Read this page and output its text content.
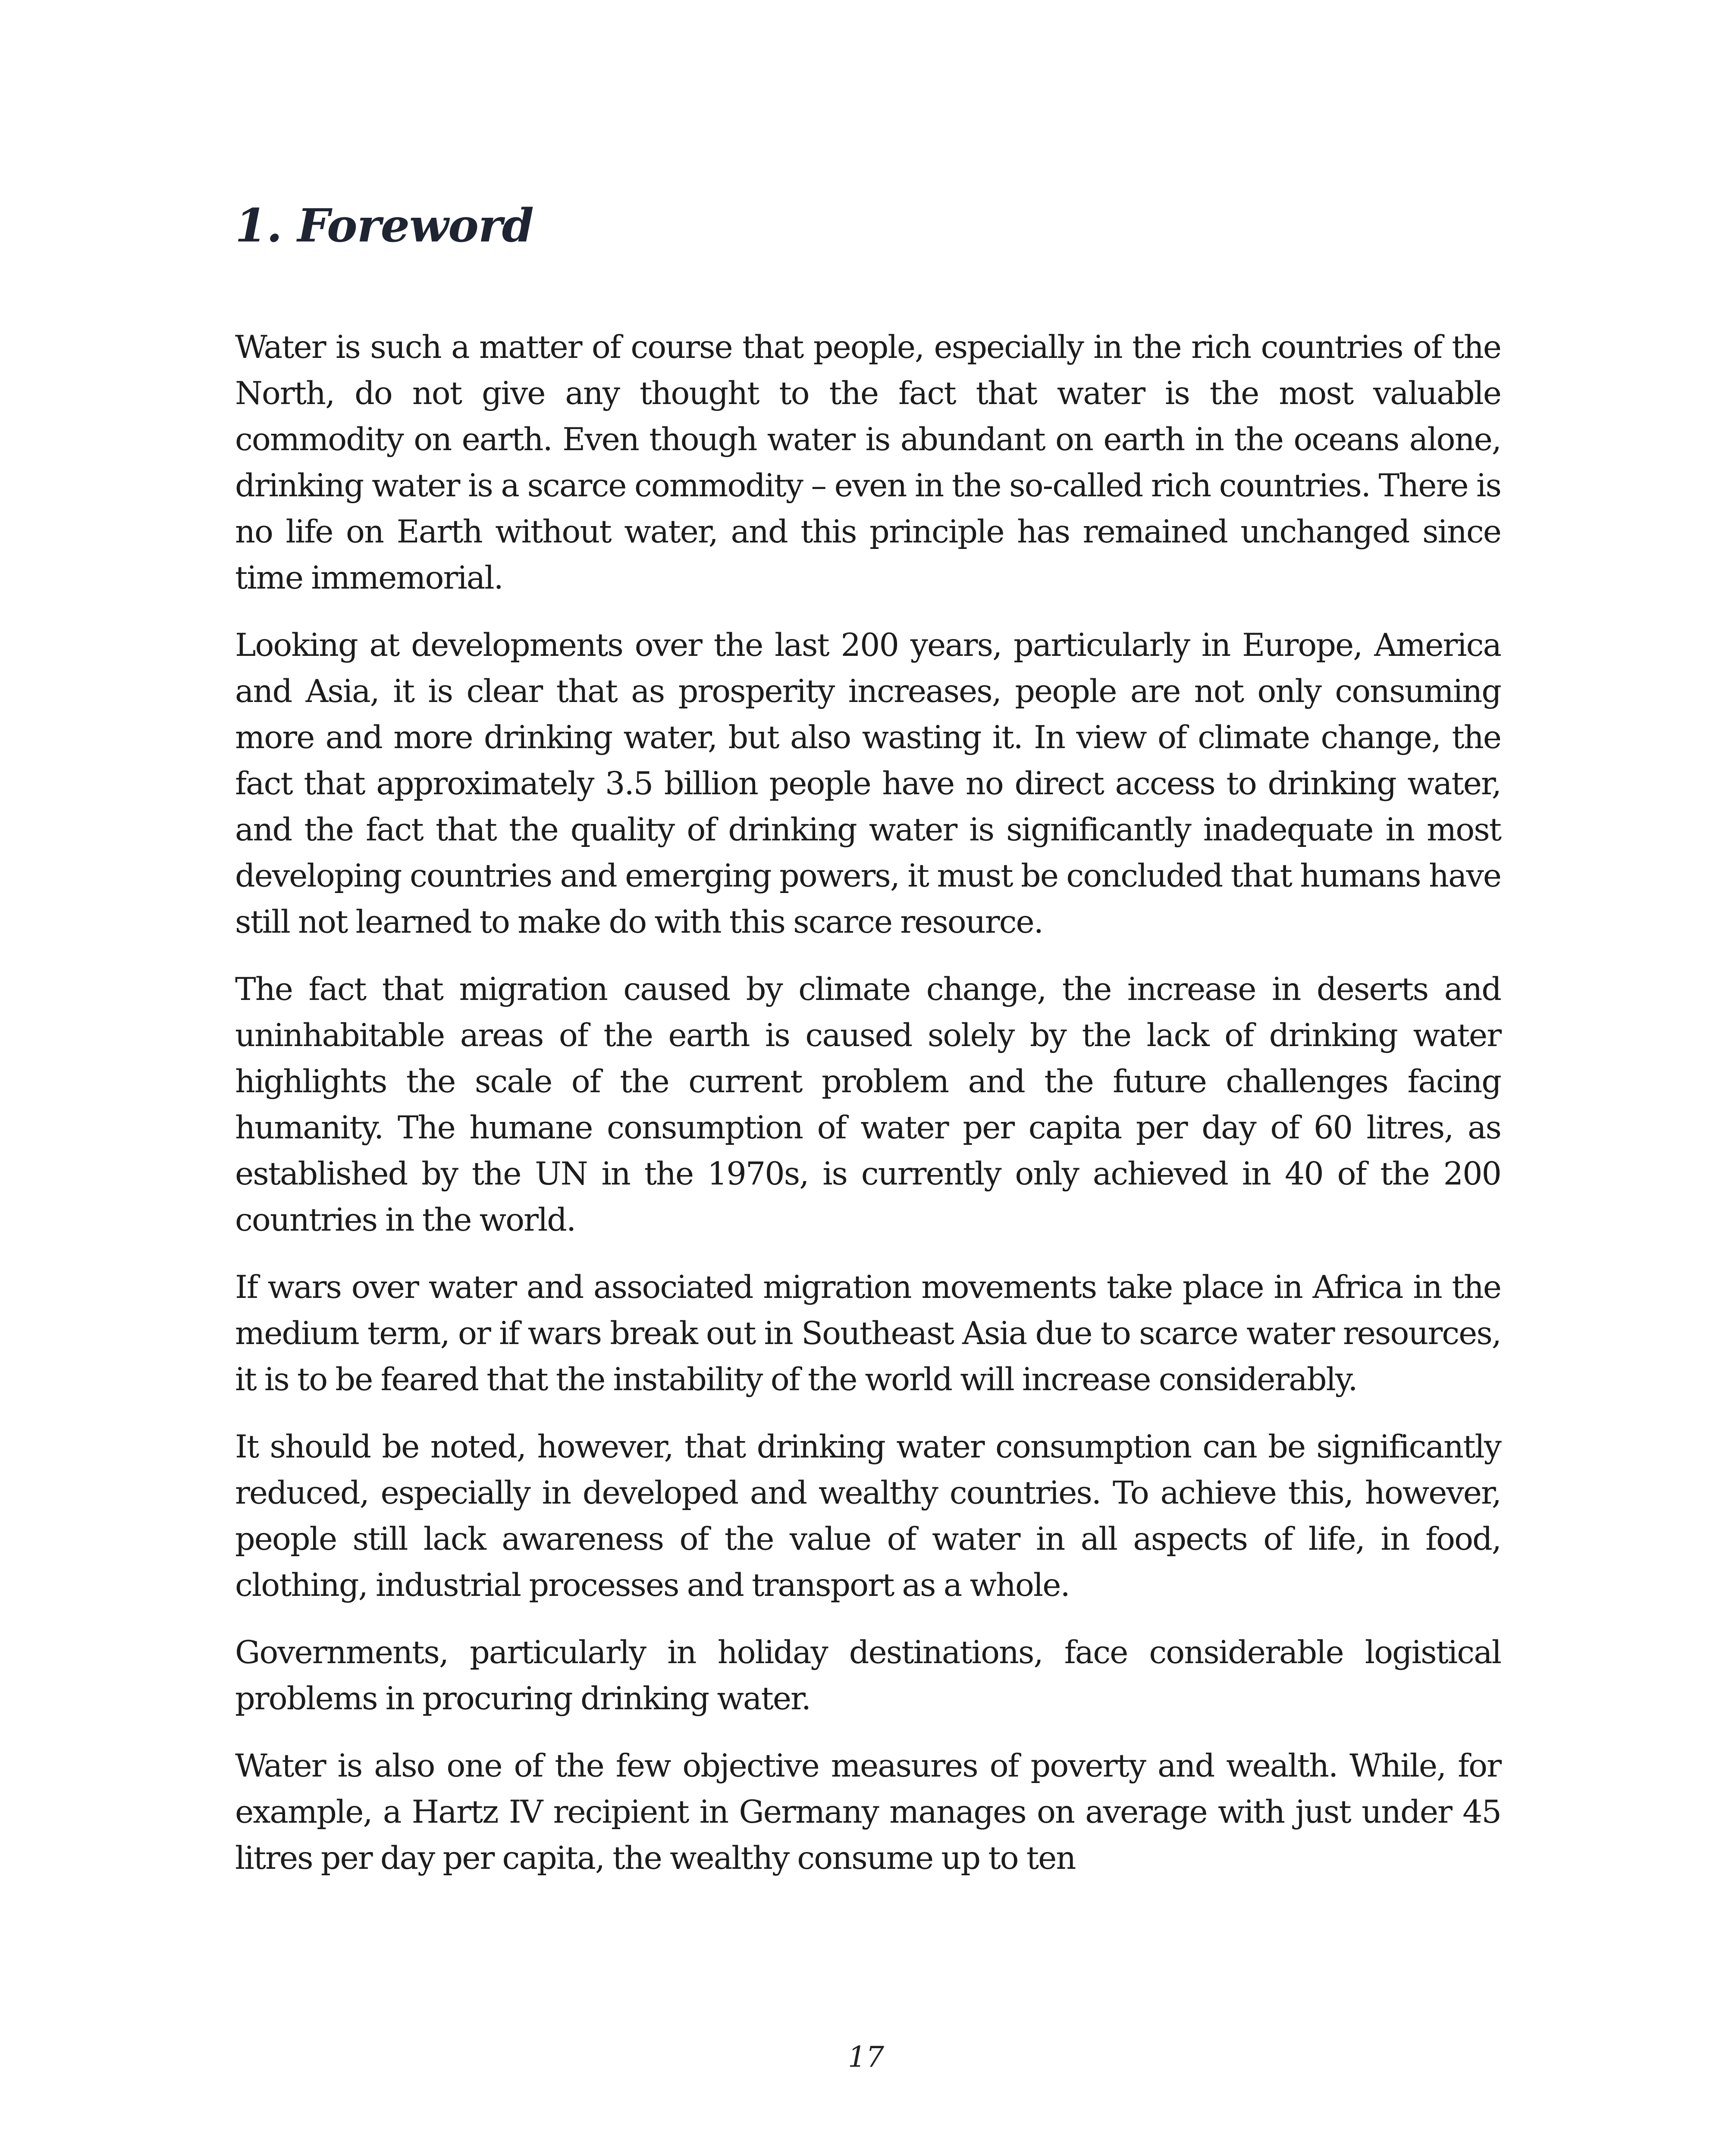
1. Foreword

Water is such a matter of course that people, especially in the rich countries of the North, do not give any thought to the fact that water is the most valuable commodity on earth. Even though water is abundant on earth in the oceans alone, drinking water is a scarce commodity – even in the so-called rich countries. There is no life on Earth without water, and this principle has remained unchanged since time immemorial.

Looking at developments over the last 200 years, particularly in Europe, America and Asia, it is clear that as prosperity increases, people are not only consuming more and more drinking water, but also wasting it. In view of climate change, the fact that approximately 3.5 billion people have no direct access to drinking water, and the fact that the quality of drinking water is significantly inadequate in most developing countries and emerging powers, it must be concluded that humans have still not learned to make do with this scarce resource.

The fact that migration caused by climate change, the increase in deserts and uninhabitable areas of the earth is caused solely by the lack of drinking water highlights the scale of the current problem and the future challenges facing humanity. The humane consumption of water per capita per day of 60 litres, as established by the UN in the 1970s, is currently only achieved in 40 of the 200 countries in the world.

If wars over water and associated migration movements take place in Africa in the medium term, or if wars break out in Southeast Asia due to scarce water resources, it is to be feared that the instability of the world will increase considerably.

It should be noted, however, that drinking water consumption can be significantly reduced, especially in developed and wealthy countries. To achieve this, however, people still lack awareness of the value of water in all aspects of life, in food, clothing, industrial processes and transport as a whole.

Governments, particularly in holiday destinations, face considerable logistical problems in procuring drinking water.

Water is also one of the few objective measures of poverty and wealth. While, for example, a Hartz IV recipient in Germany manages on average with just under 45 litres per day per capita, the wealthy consume up to ten

17
